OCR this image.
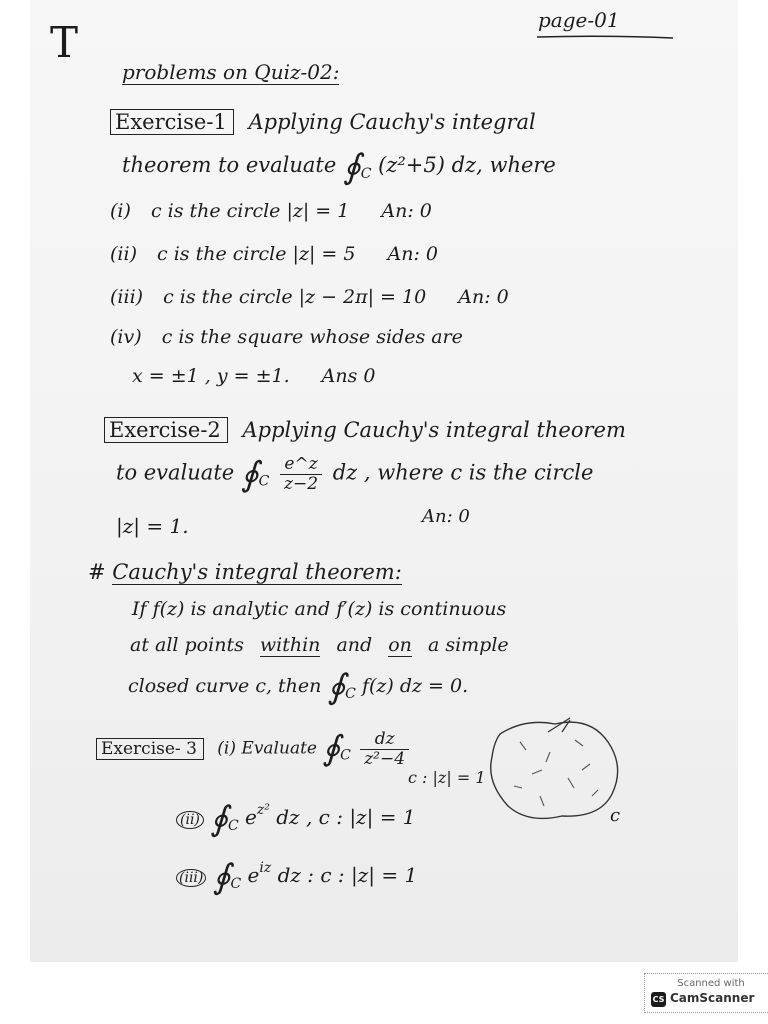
page-01
T
problems on Quiz-02:
Exercise-1 Applying Cauchy's integral
theorem to evaluate $∮_C$ (z²+5) dz, where
(i) c is the circle |z| = 1 An: 0
(ii) c is the circle |z| = 5 An: 0
(iii) c is the circle |z − 2π| = 10 An: 0
(iv) c is the square whose sides are
x = ±1 , y = ±1. Ans 0
Exercise-2 Applying Cauchy's integral theorem
to evaluate $∮_C \frac{e\^{}z}{z-2}$ dz , where c is the circle
|z| = 1.	An: 0
# Cauchy's integral theorem:
If f(z) is analytic and f′(z) is continuous
at all points within and on a simple
closed curve c, then $∮_C$ f(z) dz = 0.
Exercise- 3 (i) Evaluate $∮_C \frac{dz}{\text{z²−4}}$
c : |z| = 1
(ii) $∮_C$ $e^{z^2}$ dz , c : |z| = 1
(iii) $∮_C$ $e^{iz}$ dz : c : |z| = 1
c
Scanned with
CS CamScanner
